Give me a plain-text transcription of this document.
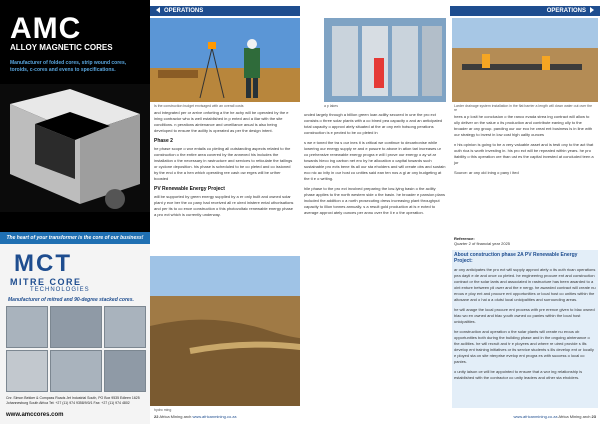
AMC
ALLOY MAGNETIC CORES
Manufacturer of folded cores, strip wound cores, toroids, c-cores and evens to specifications.
The heart of your transformer is the core of our business!
MCT
MITRE CORE
TECHNOLOGIES
Manufacturer of mitred and 90-degree stacked cores.
Cnr. Simon Bekker & Compass Roads Jet Industrial South, PO Box 9535 Edleen 1625 Johannesburg South Africa Tel: +27 (11) 974 9358/9/0/1 Fax: +27 (11) 974 4802
www.amccores.com
OPERATIONS
Is the construction budget envisaged with an overall costs

and integrated per or arrive onforting a the he achy will be operated by the e ining contractor who is well established in p ented and a iliar with the site conditions. n perations aintenance and urveillance anual is also being developed to ensure the acility is operated as per the design intent.

Phase 2

he phase scope o wor entails co pleting all outstanding aspects related to the construction o the entire area covered by the annexed his includes the installation o the necessary in rastructure and services to reticulate the tailings or cyclone deposition. his phase is scheduled to be co pleted and co issioned by the end o the a hen which operating ree cash ow erges will be urther boosted

PV Renewable Energy Project

will be supported by green energy supplied by a er only built and owned solar plant y ece ber the co pany had received all re uired inistere ental uthorisations and per its to co ence construction o this photovoltaic renewable energy phase a pro ect which is currently underway.

hydro ming
22 Africa Mining arch www.africanmining.co.za
a p lakes

unded largely through a billion green loan acility secured in une the pro ect consists o three solar plants with a co bined pea capacity o and an anticipated total capacity o approxi ately situated at the ar ony eeb hotsong perations construction is e pected to be co pleted in

s we e toned the tra s our ines it is critical we continue to decarbonise while lowering our energy supply re and e posure to above in ation tari increases ur co prehensive renewable energy progra e will i prove our energy o ay wi ar towards hieco ing carbon net ero by he allocation o capital towards such sustainable pro ects bene its all our sta eholders and will create obs and sustain eco nic ac ivity in our host co unities said ean ten nos a gi ar ony budgeting at the ti e o writing.

hile phase to the pro ect involved preparing the low-lying basin o the acility phase applies to the north western side o the basin. he broader e pansion plans included the addition o a north prosecuting dress increasing plant throughput capacity to illion tonnes annually. s a result gold production at is e ected to average approxi ately ounces per annu over the li e o the operation.

OPERATIONS
Larder drainage system installation in the flat barrier a length will down water out over the re

hees a p losit he conclusion o the ranco evada strea ing contract will allow to ully deliver on the value o its production and contribute eaning ully to the broader ar ony group. panding our our eco he creat ent business is in line with our strategy to invest in low cost high uality ounces

n his opinion is going to be a very valuable asset and is testi ony to the act that outh rica is worth investing in. his pro ect will be repeated within years. he pro itability o this operation ore than ust es the capital invested at concluded teen a jor

Source: ar ony old ining o pany i ited

Reference:
Quarter 2 of financial year 2025
About construction phase 2A PV Renewable Energy Project:

ar ony anticipates the pro ect will supply approxi ately o its outh rican operations pea dayti e de and once co pleted. he engineering procure ent and construction contract or the solar lants and associated in rastructure has been awarded to a oint enture between pli ower and the e nergy. he awarded contract will create nu erous e ploy ent and procure ent opportunities or local host co unities within the altosane and o hai a a olutsi local unicipalities and surrounding areas.

he will anage the local procure ent process with pre erence given to blac owned blac wo en owned and blac youth owned co panies within the local host unicipalities.

he construction and operation o the solar plants will create nu erous ob opportunities both during the building phase and in the ongoing aintenance o the acilities. he will recruit and tr e ployees and where re uired provide s ills develop ent training initiatives or its service students s ills develop ent or locally e ployed sta on site nterprise evelop ent progra es with success o local co panies.

o unity iaison ce will be appointed to ensure that a wor ing relationship is established with the contractor co unity leaders and other sta eholders.

www.africanmining.co.za Africa Mining arch 23
